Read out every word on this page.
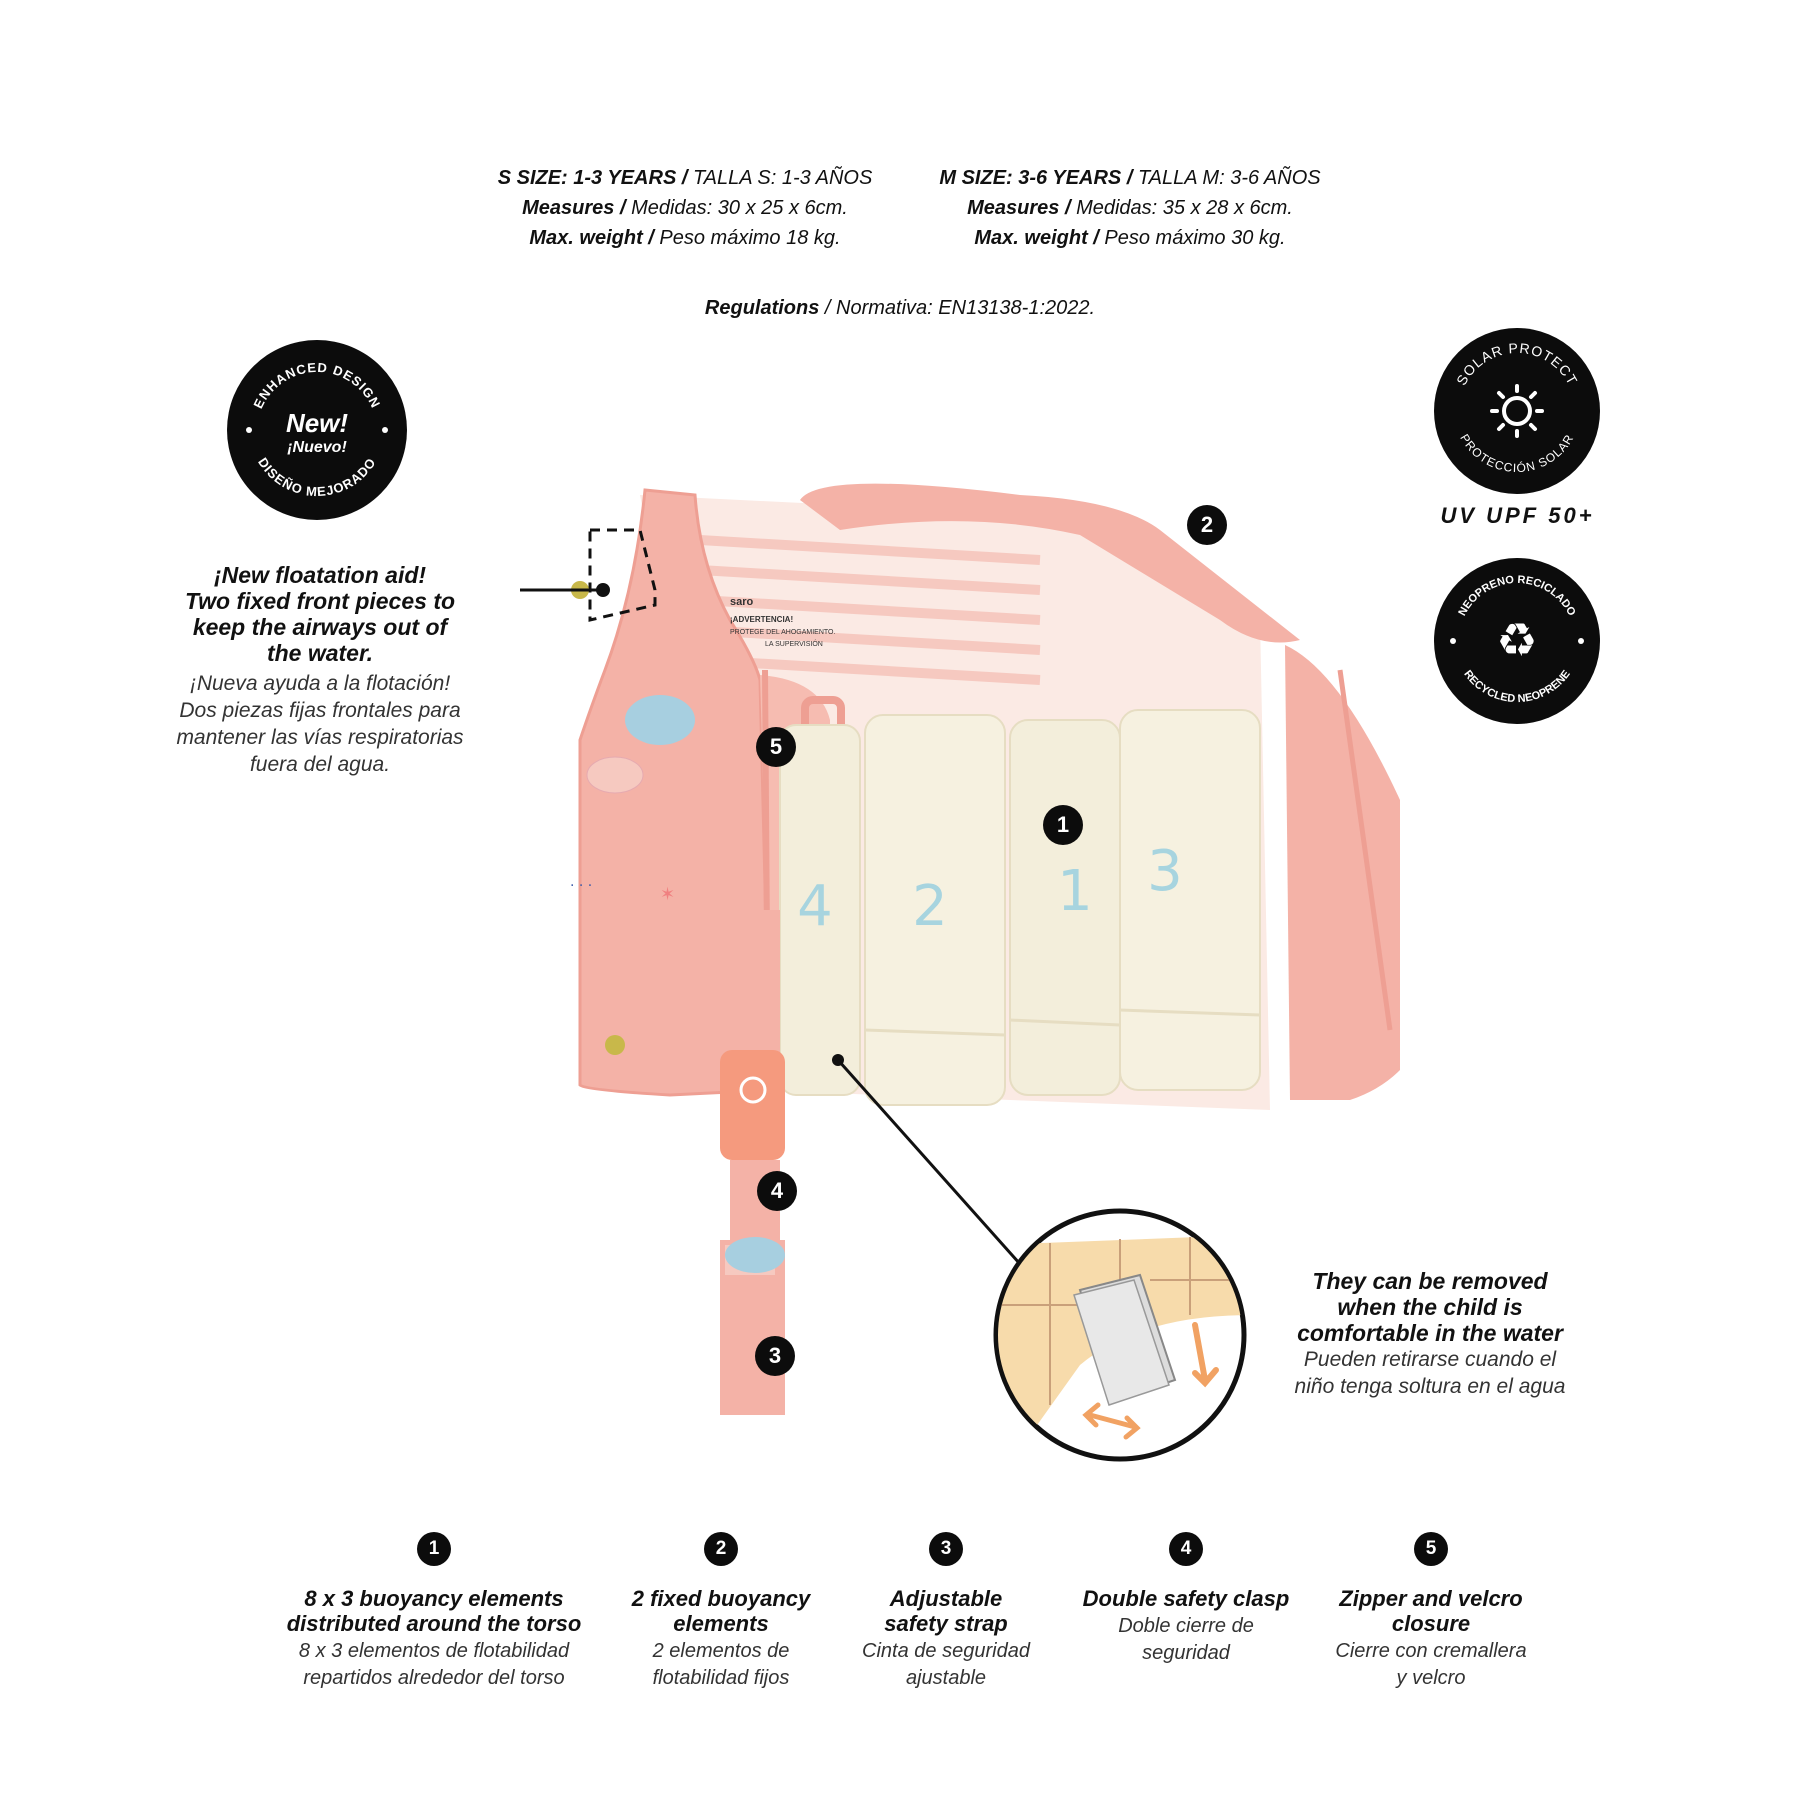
S SIZE: 1-3 YEARS / TALLA S: 1-3 AÑOS
Measures / Medidas: 30 x 25 x 6cm.
Max. weight / Peso máximo 18 kg.
M SIZE: 3-6 YEARS / TALLA M: 3-6 AÑOS
Measures / Medidas: 35 x 28 x 6cm.
Max. weight / Peso máximo 30 kg.
Regulations / Normativa: EN13138-1:2022.
ENHANCED DESIGN
DISEÑO MEJORADO
New!
¡Nuevo!
SOLAR PROTECT
PROTECCIÓN SOLAR
UV UPF 50+
NEOPRENO RECICLADO
RECYCLED NEOPRENE
♻
4 2 1 3
saro
¡ADVERTENCIA!
PROTEGE DEL AHOGAMIENTO.
LA SUPERVISIÓN
⋅ ⋅ ⋅	✶
1
2
3
4
5
¡New floatation aid!
Two fixed front pieces to
keep the airways out of
the water.
¡Nueva ayuda a la flotación!
Dos piezas fijas frontales para
mantener las vías respiratorias
fuera del agua.
They can be removed
when the child is
comfortable in the water
Pueden retirarse cuando el
niño tenga soltura en el agua
1
8 x 3 buoyancy elements
distributed around the torso
8 x 3 elementos de flotabilidad
repartidos alrededor del torso
2
2 fixed buoyancy
elements
2 elementos de
flotabilidad fijos
3
Adjustable
safety strap
Cinta de seguridad
ajustable
4
Double safety clasp
Doble cierre de
seguridad
5
Zipper and velcro
closure
Cierre con cremallera
y velcro
